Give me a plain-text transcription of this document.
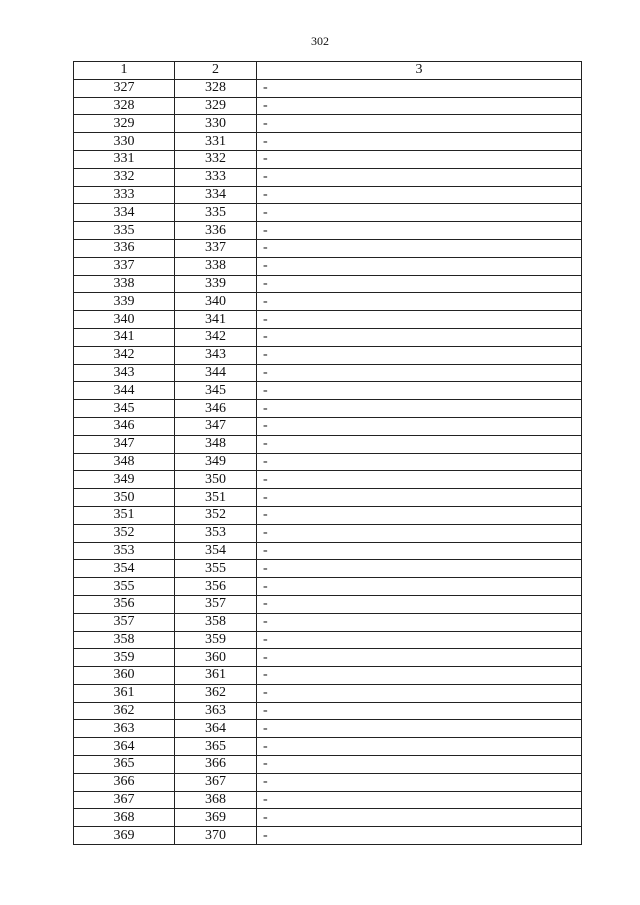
302
1	2	3
327	328	-
328	329	-
329	330	-
330	331	-
331	332	-
332	333	-
333	334	-
334	335	-
335	336	-
336	337	-
337	338	-
338	339	-
339	340	-
340	341	-
341	342	-
342	343	-
343	344	-
344	345	-
345	346	-
346	347	-
347	348	-
348	349	-
349	350	-
350	351	-
351	352	-
352	353	-
353	354	-
354	355	-
355	356	-
356	357	-
357	358	-
358	359	-
359	360	-
360	361	-
361	362	-
362	363	-
363	364	-
364	365	-
365	366	-
366	367	-
367	368	-
368	369	-
369	370	-
